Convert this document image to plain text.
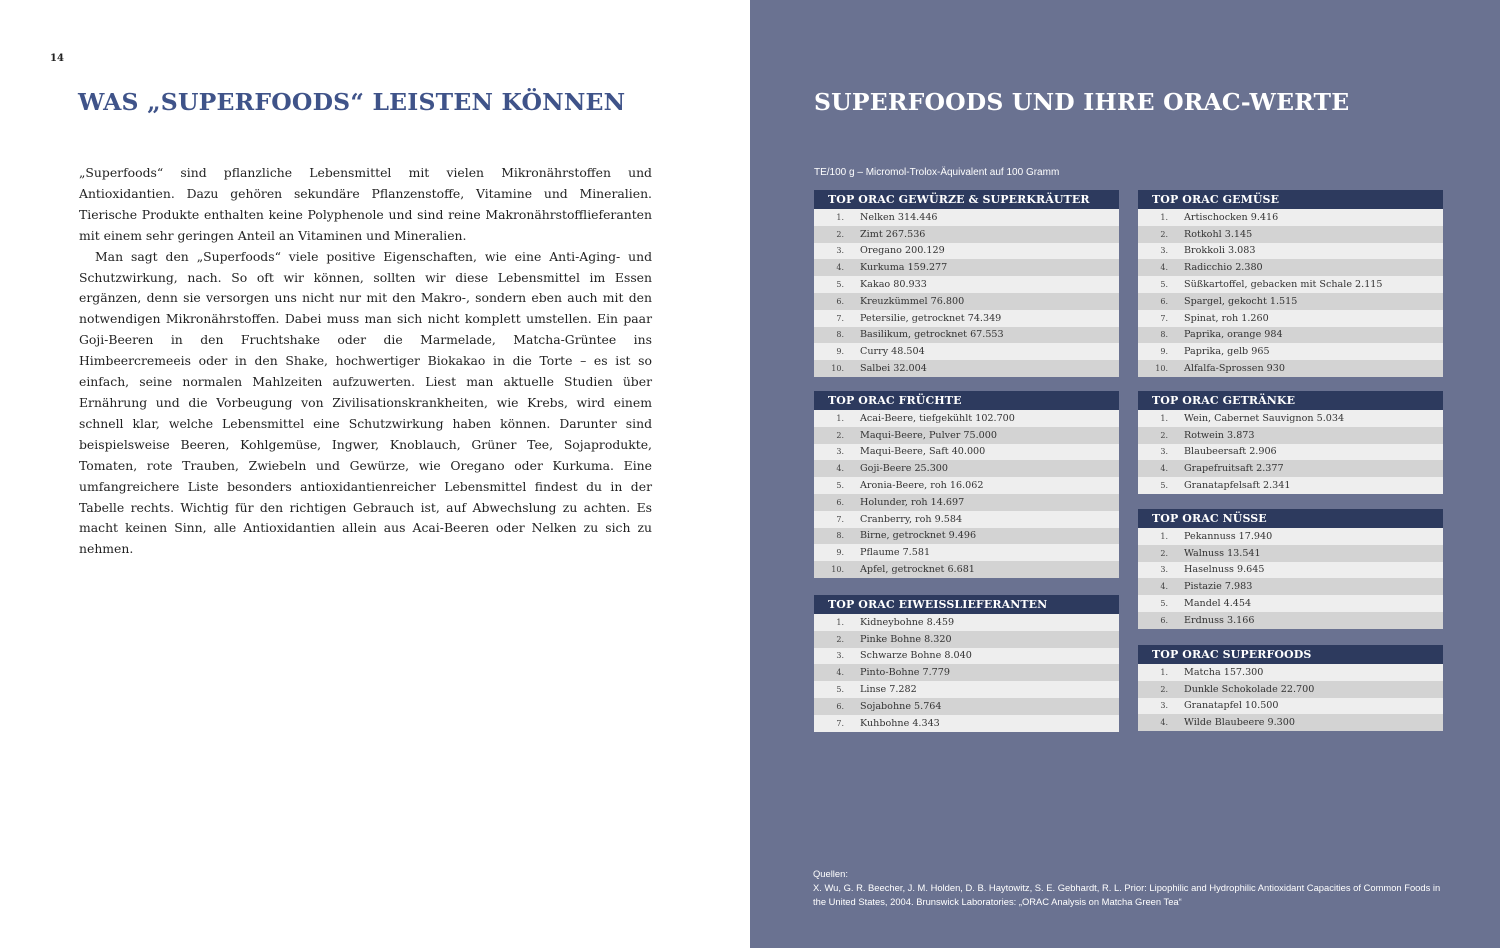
14
WAS „SUPERFOODS“ LEISTEN KÖNNEN

„Superfoods“ sind pflanzliche Lebensmittel mit vielen Mikronährstoffen und Antioxidantien. Dazu gehören sekundäre Pflanzenstoffe, Vitamine und Mineralien. Tierische Produkte enthalten keine Polyphenole und sind reine Makronährstofflieferanten mit einem sehr geringen Anteil an Vitaminen und Mineralien.

Man sagt den „Superfoods“ viele positive Eigenschaften, wie eine Anti-Aging- und Schutzwirkung, nach. So oft wir können, sollten wir diese Lebensmittel im Essen ergänzen, denn sie versorgen uns nicht nur mit den Makro-, sondern eben auch mit den notwendigen Mikronährstoffen. Dabei muss man sich nicht komplett umstellen. Ein paar Goji-Beeren in den Fruchtshake oder die Marmelade, Matcha-Grüntee ins Himbeercremeeis oder in den Shake, hochwertiger Biokakao in die Torte – es ist so einfach, seine normalen Mahlzeiten aufzuwerten. Liest man aktuelle Studien über Ernährung und die Vorbeugung von Zivilisationskrankheiten, wie Krebs, wird einem schnell klar, welche Lebensmittel eine Schutzwirkung haben können. Darunter sind beispielsweise Beeren, Kohlgemüse, Ingwer, Knoblauch, Grüner Tee, Sojaprodukte, Tomaten, rote Trauben, Zwiebeln und Gewürze, wie Oregano oder Kurkuma. Eine umfangreichere Liste besonders antioxidantienreicher Lebensmittel findest du in der Tabelle rechts. Wichtig für den richtigen Gebrauch ist, auf Abwechslung zu achten. Es macht keinen Sinn, alle Antioxidantien allein aus Acai-Beeren oder Nelken zu sich zu nehmen.

SUPERFOODS UND IHRE ORAC-WERTE
TE/100 g – Micromol-Trolox-Äquivalent auf 100 Gramm
TOP ORAC GEWÜRZE & SUPERKRÄUTER
1.	Nelken 314.446
2.	Zimt 267.536
3.	Oregano 200.129
4.	Kurkuma 159.277
5.	Kakao 80.933
6.	Kreuzkümmel 76.800
7.	Petersilie, getrocknet 74.349
8.	Basilikum, getrocknet 67.553
9.	Curry 48.504
10.	Salbei 32.004
TOP ORAC FRÜCHTE
1.	Acai-Beere, tiefgekühlt 102.700
2.	Maqui-Beere, Pulver 75.000
3.	Maqui-Beere, Saft 40.000
4.	Goji-Beere 25.300
5.	Aronia-Beere, roh 16.062
6.	Holunder, roh 14.697
7.	Cranberry, roh 9.584
8.	Birne, getrocknet 9.496
9.	Pflaume 7.581
10.	Apfel, getrocknet 6.681
TOP ORAC EIWEISSLIEFERANTEN
1.	Kidneybohne 8.459
2.	Pinke Bohne 8.320
3.	Schwarze Bohne 8.040
4.	Pinto-Bohne 7.779
5.	Linse 7.282
6.	Sojabohne 5.764
7.	Kuhbohne 4.343
TOP ORAC GEMÜSE
1.	Artischocken 9.416
2.	Rotkohl 3.145
3.	Brokkoli 3.083
4.	Radicchio 2.380
5.	Süßkartoffel, gebacken mit Schale 2.115
6.	Spargel, gekocht 1.515
7.	Spinat, roh 1.260
8.	Paprika, orange 984
9.	Paprika, gelb 965
10.	Alfalfa-Sprossen 930
TOP ORAC GETRÄNKE
1.	Wein, Cabernet Sauvignon 5.034
2.	Rotwein 3.873
3.	Blaubeersaft 2.906
4.	Grapefruitsaft 2.377
5.	Granatapfelsaft 2.341
TOP ORAC NÜSSE
1.	Pekannuss 17.940
2.	Walnuss 13.541
3.	Haselnuss 9.645
4.	Pistazie 7.983
5.	Mandel 4.454
6.	Erdnuss 3.166
TOP ORAC SUPERFOODS
1.	Matcha 157.300
2.	Dunkle Schokolade 22.700
3.	Granatapfel 10.500
4.	Wilde Blaubeere 9.300
Quellen:
X. Wu, G. R. Beecher, J. M. Holden, D. B. Haytowitz, S. E. Gebhardt, R. L. Prior: Lipophilic and Hydrophilic Antioxidant Capacities of Common Foods in the United States, 2004. Brunswick Laboratories: „ORAC Analysis on Matcha Green Tea“
